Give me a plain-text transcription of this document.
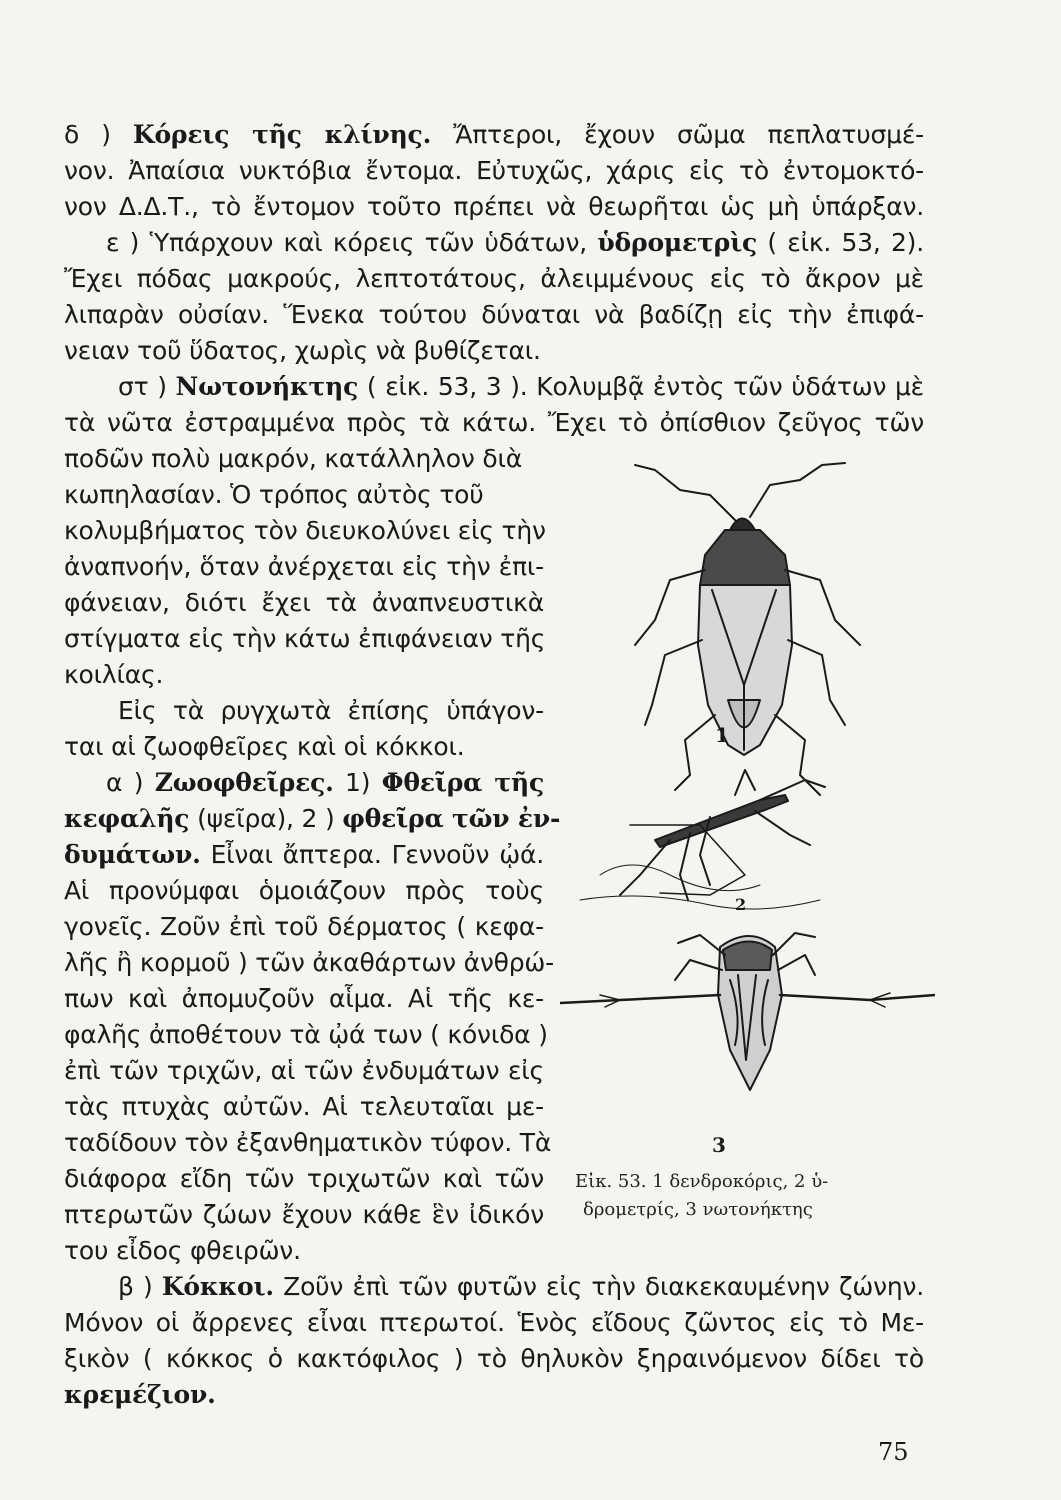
δ ) Κόρεις τῆς κλίνης. Ἄπτεροι, ἔχουν σῶμα πεπλατυσμέ-
νον. Ἀπαίσια νυκτόβια ἔντομα. Εὐτυχῶς, χάρις εἰς τὸ ἐντομοκτό-
νον Δ.Δ.Τ., τὸ ἔντομον τοῦτο πρέπει νὰ θεωρῆται ὡς μὴ ὑπάρξαν.
ε ) Ὑπάρχουν καὶ κόρεις τῶν ὑδάτων, ὑδρομετρὶς ( εἰκ. 53, 2).
Ἔχει πόδας μακρούς, λεπτοτάτους, ἀλειμμένους εἰς τὸ ἄκρον μὲ
λιπαρὰν οὐσίαν. Ἕνεκα τούτου δύναται νὰ βαδίζῃ εἰς τὴν ἐπιφά-
νειαν τοῦ ὕδατος, χωρὶς νὰ βυθίζεται.
στ ) Νωτονήκτης ( εἰκ. 53, 3 ). Κολυμβᾷ ἐντὸς τῶν ὑδάτων μὲ
τὰ νῶτα ἐστραμμένα πρὸς τὰ κάτω. Ἔχει τὸ ὀπίσθιον ζεῦγος τῶν
ποδῶν πολὺ μακρόν, κατάλληλον διὰ
κωπηλασίαν. Ὁ τρόπος αὐτὸς τοῦ
κολυμβήματος τὸν διευκολύνει εἰς τὴν
ἀναπνοήν, ὅταν ἀνέρχεται εἰς τὴν ἐπι-
φάνειαν, διότι ἔχει τὰ ἀναπνευστικὰ
στίγματα εἰς τὴν κάτω ἐπιφάνειαν τῆς
κοιλίας.
Εἰς τὰ ρυγχωτὰ ἐπίσης ὑπάγον-
ται αἱ ζωοφθεῖρες καὶ οἱ κόκκοι.
α ) Ζωοφθεῖρες. 1) Φθεῖρα τῆς
κεφαλῆς (ψεῖρα), 2 ) φθεῖρα τῶν ἐν-
δυμάτων. Εἶναι ἄπτερα. Γεννοῦν ᾠά.
Αἱ προνύμφαι ὁμοιάζουν πρὸς τοὺς
γονεῖς. Ζοῦν ἐπὶ τοῦ δέρματος ( κεφα-
λῆς ἢ κορμοῦ ) τῶν ἀκαθάρτων ἀνθρώ-
πων καὶ ἀπομυζοῦν αἷμα. Αἱ τῆς κε-
φαλῆς ἀποθέτουν τὰ ᾠά των ( κόνιδα )
ἐπὶ τῶν τριχῶν, αἱ τῶν ἐνδυμάτων εἰς
τὰς πτυχὰς αὐτῶν. Αἱ τελευταῖαι με-
ταδίδουν τὸν ἐξανθηματικὸν τύφον. Τὰ
διάφορα εἴδη τῶν τριχωτῶν καὶ τῶν
πτερωτῶν ζώων ἔχουν κάθε ἓν ἰδικόν
του εἶδος φθειρῶν.
β ) Κόκκοι. Ζοῦν ἐπὶ τῶν φυτῶν εἰς τὴν διακεκαυμένην ζώνην.
Μόνον οἱ ἄρρενες εἶναι πτερωτοί. Ἑνὸς εἴδους ζῶντος εἰς τὸ Με-
ξικὸν ( κόκκος ὁ κακτόφιλος ) τὸ θηλυκὸν ξηραινόμενον δίδει τὸ
κρεμέζιον.
1
2
3
Εἰκ. 53. 1 δενδροκόρις, 2 ὑ-
δρομετρίς, 3 νωτονήκτης
75
